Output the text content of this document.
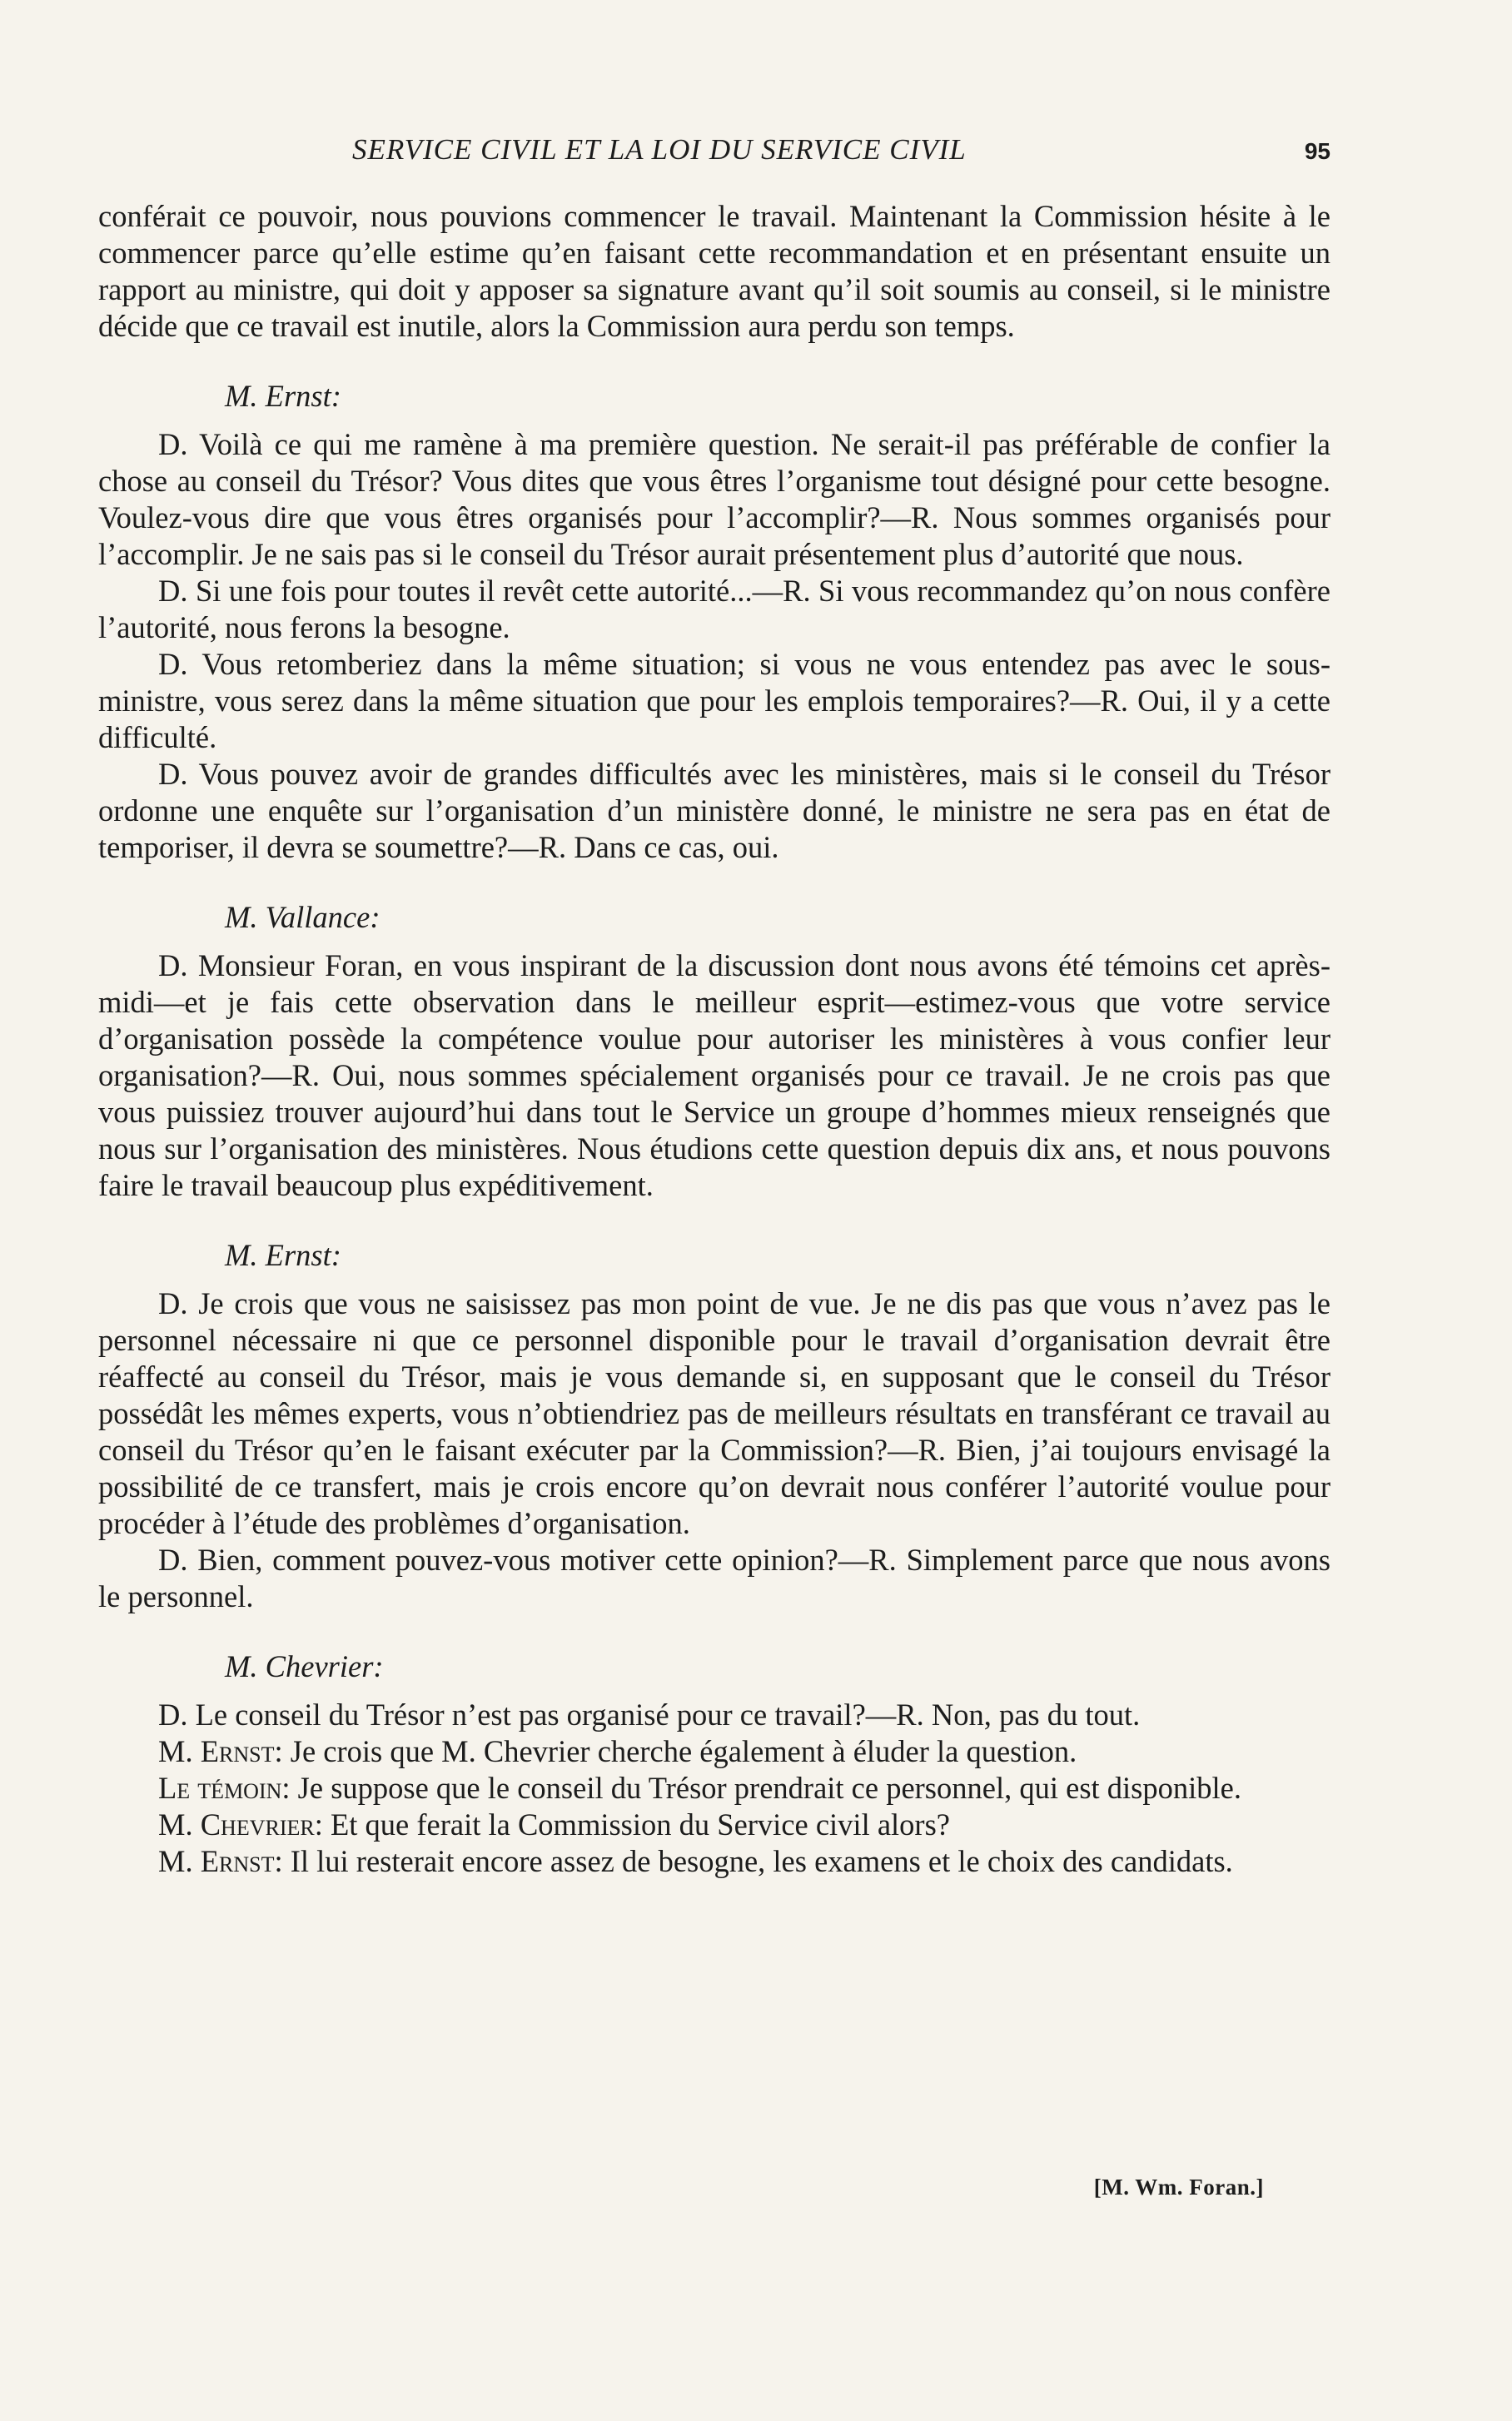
SERVICE CIVIL ET LA LOI DU SERVICE CIVIL	95

conférait ce pouvoir, nous pouvions commencer le travail. Maintenant la Commission hésite à le commencer parce qu’elle estime qu’en faisant cette recommandation et en présentant ensuite un rapport au ministre, qui doit y apposer sa signature avant qu’il soit soumis au conseil, si le ministre décide que ce travail est inutile, alors la Commission aura perdu son temps.

M. Ernst:

D. Voilà ce qui me ramène à ma première question. Ne serait-il pas préférable de confier la chose au conseil du Trésor? Vous dites que vous êtres l’organisme tout désigné pour cette besogne. Voulez-vous dire que vous êtres organisés pour l’accomplir?—R. Nous sommes organisés pour l’accomplir. Je ne sais pas si le conseil du Trésor aurait présentement plus d’autorité que nous.

D. Si une fois pour toutes il revêt cette autorité...—R. Si vous recommandez qu’on nous confère l’autorité, nous ferons la besogne.

D. Vous retomberiez dans la même situation; si vous ne vous entendez pas avec le sous-ministre, vous serez dans la même situation que pour les emplois temporaires?—R. Oui, il y a cette difficulté.

D. Vous pouvez avoir de grandes difficultés avec les ministères, mais si le conseil du Trésor ordonne une enquête sur l’organisation d’un ministère donné, le ministre ne sera pas en état de temporiser, il devra se soumettre?—R. Dans ce cas, oui.

M. Vallance:

D. Monsieur Foran, en vous inspirant de la discussion dont nous avons été témoins cet après-midi—et je fais cette observation dans le meilleur esprit—estimez-vous que votre service d’organisation possède la compétence voulue pour autoriser les ministères à vous confier leur organisation?—R. Oui, nous sommes spécialement organisés pour ce travail. Je ne crois pas que vous puissiez trouver aujourd’hui dans tout le Service un groupe d’hommes mieux renseignés que nous sur l’organisation des ministères. Nous étudions cette question depuis dix ans, et nous pouvons faire le travail beaucoup plus expéditivement.

M. Ernst:

D. Je crois que vous ne saisissez pas mon point de vue. Je ne dis pas que vous n’avez pas le personnel nécessaire ni que ce personnel disponible pour le travail d’organisation devrait être réaffecté au conseil du Trésor, mais je vous demande si, en supposant que le conseil du Trésor possédât les mêmes experts, vous n’obtiendriez pas de meilleurs résultats en transférant ce travail au conseil du Trésor qu’en le faisant exécuter par la Commission?—R. Bien, j’ai toujours envisagé la possibilité de ce transfert, mais je crois encore qu’on devrait nous conférer l’autorité voulue pour procéder à l’étude des problèmes d’organisation.

D. Bien, comment pouvez-vous motiver cette opinion?—R. Simplement parce que nous avons le personnel.

M. Chevrier:

D. Le conseil du Trésor n’est pas organisé pour ce travail?—R. Non, pas du tout.

M. Ernst: Je crois que M. Chevrier cherche également à éluder la question.

Le témoin: Je suppose que le conseil du Trésor prendrait ce personnel, qui est disponible.

M. Chevrier: Et que ferait la Commission du Service civil alors?

M. Ernst: Il lui resterait encore assez de besogne, les examens et le choix des candidats.

[M. Wm. Foran.]
